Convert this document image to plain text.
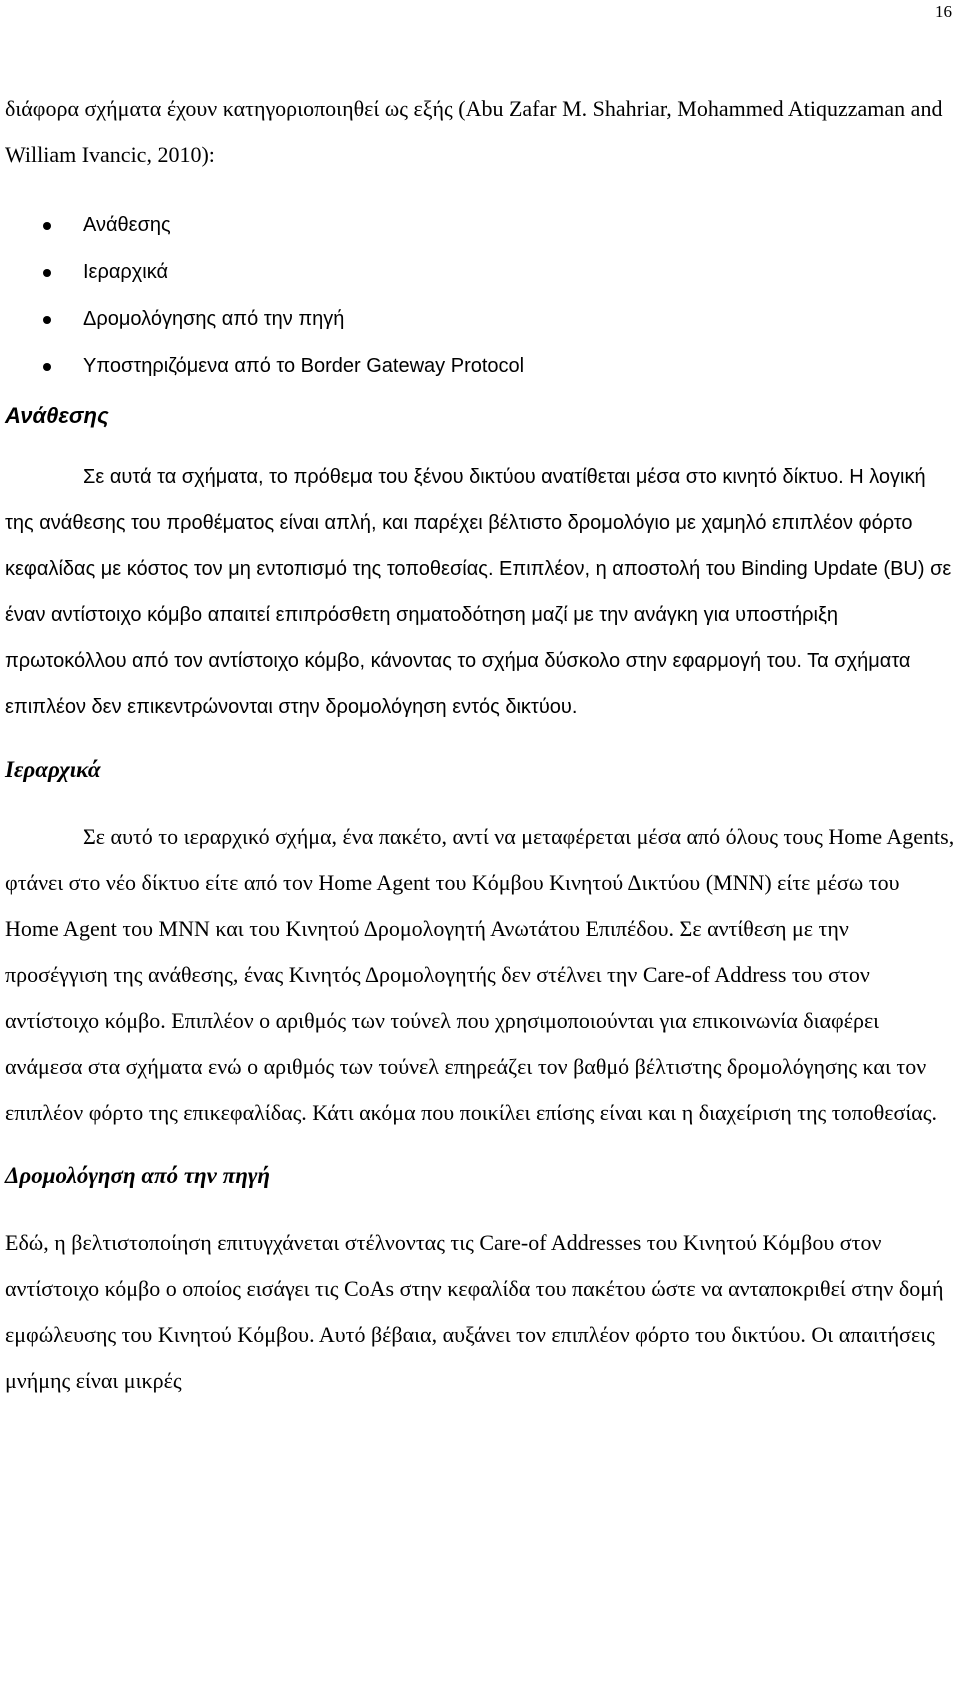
16

διάφορα σχήματα έχουν κατηγοριοποιηθεί ως εξής (Abu Zafar M. Shahriar, Mohammed Atiquzzaman and William Ivancic, 2010):

Ανάθεσης
Ιεραρχικά
Δρομολόγησης από την πηγή
Υποστηριζόμενα από το Border Gateway Protocol
Ανάθεσης

Σε αυτά τα σχήματα, το πρόθεμα του ξένου δικτύου ανατίθεται μέσα στο κινητό δίκτυο. Η λογική της ανάθεσης του προθέματος είναι απλή, και παρέχει βέλτιστο δρομολόγιο με χαμηλό επιπλέον φόρτο κεφαλίδας με κόστος τον μη εντοπισμό της τοποθεσίας. Επιπλέον, η αποστολή του Binding Update (BU) σε έναν αντίστοιχο κόμβο απαιτεί επιπρόσθετη σηματοδότηση μαζί με την ανάγκη για υποστήριξη πρωτοκόλλου από τον αντίστοιχο κόμβο, κάνοντας το σχήμα δύσκολο στην εφαρμογή του. Τα σχήματα επιπλέον δεν επικεντρώνονται στην δρομολόγηση εντός δικτύου.

Ιεραρχικά

Σε αυτό το ιεραρχικό σχήμα, ένα πακέτο, αντί να μεταφέρεται μέσα από όλους τους Home Agents, φτάνει στο νέο δίκτυο είτε από τον Home Agent του Κόμβου Κινητού Δικτύου (MNN) είτε μέσω του Home Agent του MNN και του Κινητού Δρομολογητή Ανωτάτου Επιπέδου. Σε αντίθεση με την προσέγγιση της ανάθεσης, ένας Κινητός Δρομολογητής δεν στέλνει την Care-of Address του στον αντίστοιχο κόμβο. Επιπλέον ο αριθμός των τούνελ που χρησιμοποιούνται για επικοινωνία διαφέρει ανάμεσα στα σχήματα ενώ ο αριθμός των τούνελ επηρεάζει τον βαθμό βέλτιστης δρομολόγησης και τον επιπλέον φόρτο της επικεφαλίδας. Κάτι ακόμα που ποικίλει επίσης είναι και η διαχείριση της τοποθεσίας.

Δρομολόγηση από την πηγή

Εδώ, η βελτιστοποίηση επιτυγχάνεται στέλνοντας τις Care-of Addresses του Κινητού Κόμβου στον αντίστοιχο κόμβο ο οποίος εισάγει τις CoAs στην κεφαλίδα του πακέτου ώστε να ανταποκριθεί στην δομή εμφώλευσης του Κινητού Κόμβου. Αυτό βέβαια, αυξάνει τον επιπλέον φόρτο του δικτύου. Οι απαιτήσεις μνήμης είναι μικρές
